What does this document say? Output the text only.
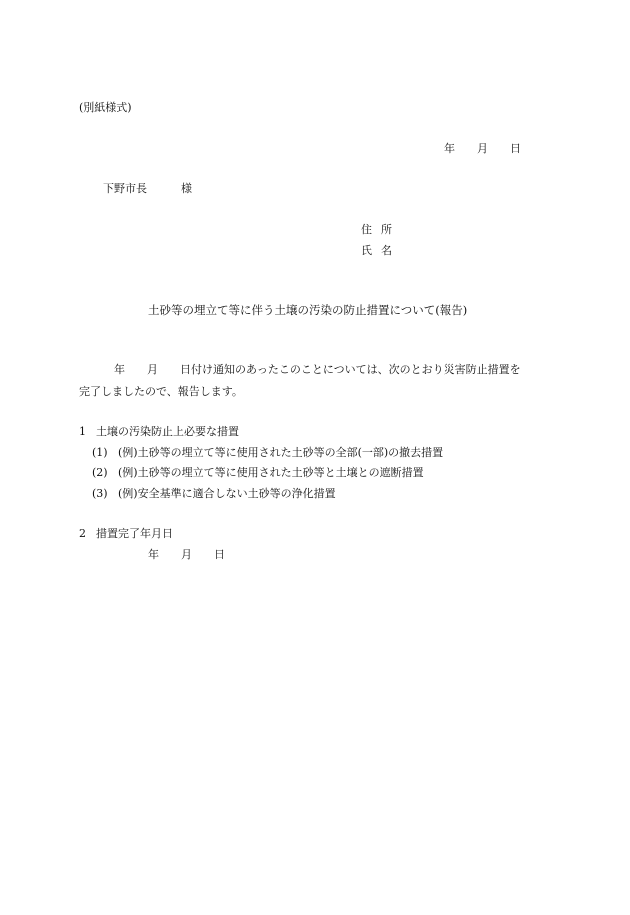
(別紙様式)
年 月 日
下野市長	様
住所
氏名
土砂等の埋立て等に伴う土壌の汚染の防止措置について(報告)
年 月 日付け通知のあったこのことについては、次のとおり災害防止措置を
完了しましたので、報告します。
1 土壌の汚染防止上必要な措置
(1) (例)土砂等の埋立て等に使用された土砂等の全部(一部)の撤去措置
(2) (例)土砂等の埋立て等に使用された土砂等と土壌との遮断措置
(3) (例)安全基準に適合しない土砂等の浄化措置
2 措置完了年月日
年 月 日
